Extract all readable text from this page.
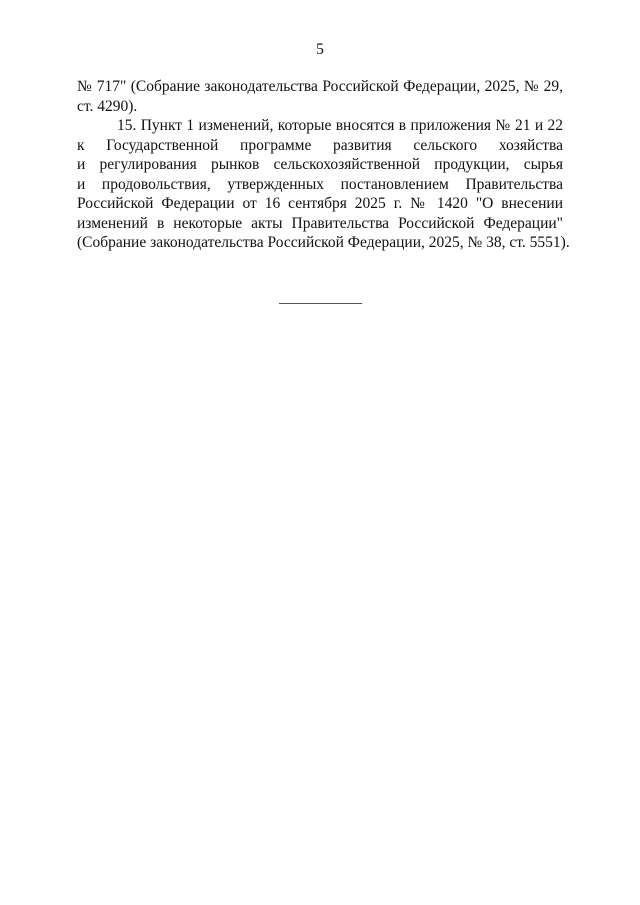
5
№ 717" (Собрание законодательства Российской Федерации, 2025, № 29,
ст. 4290).
15. Пункт 1 изменений, которые вносятся в приложения № 21 и 22
к Государственной программе развития сельского хозяйства
и регулирования рынков сельскохозяйственной продукции, сырья
и продовольствия, утвержденных постановлением Правительства
Российской Федерации от 16 сентября 2025 г. № 1420 "О внесении
изменений в некоторые акты Правительства Российской Федерации"
(Собрание законодательства Российской Федерации, 2025, № 38, ст. 5551).
